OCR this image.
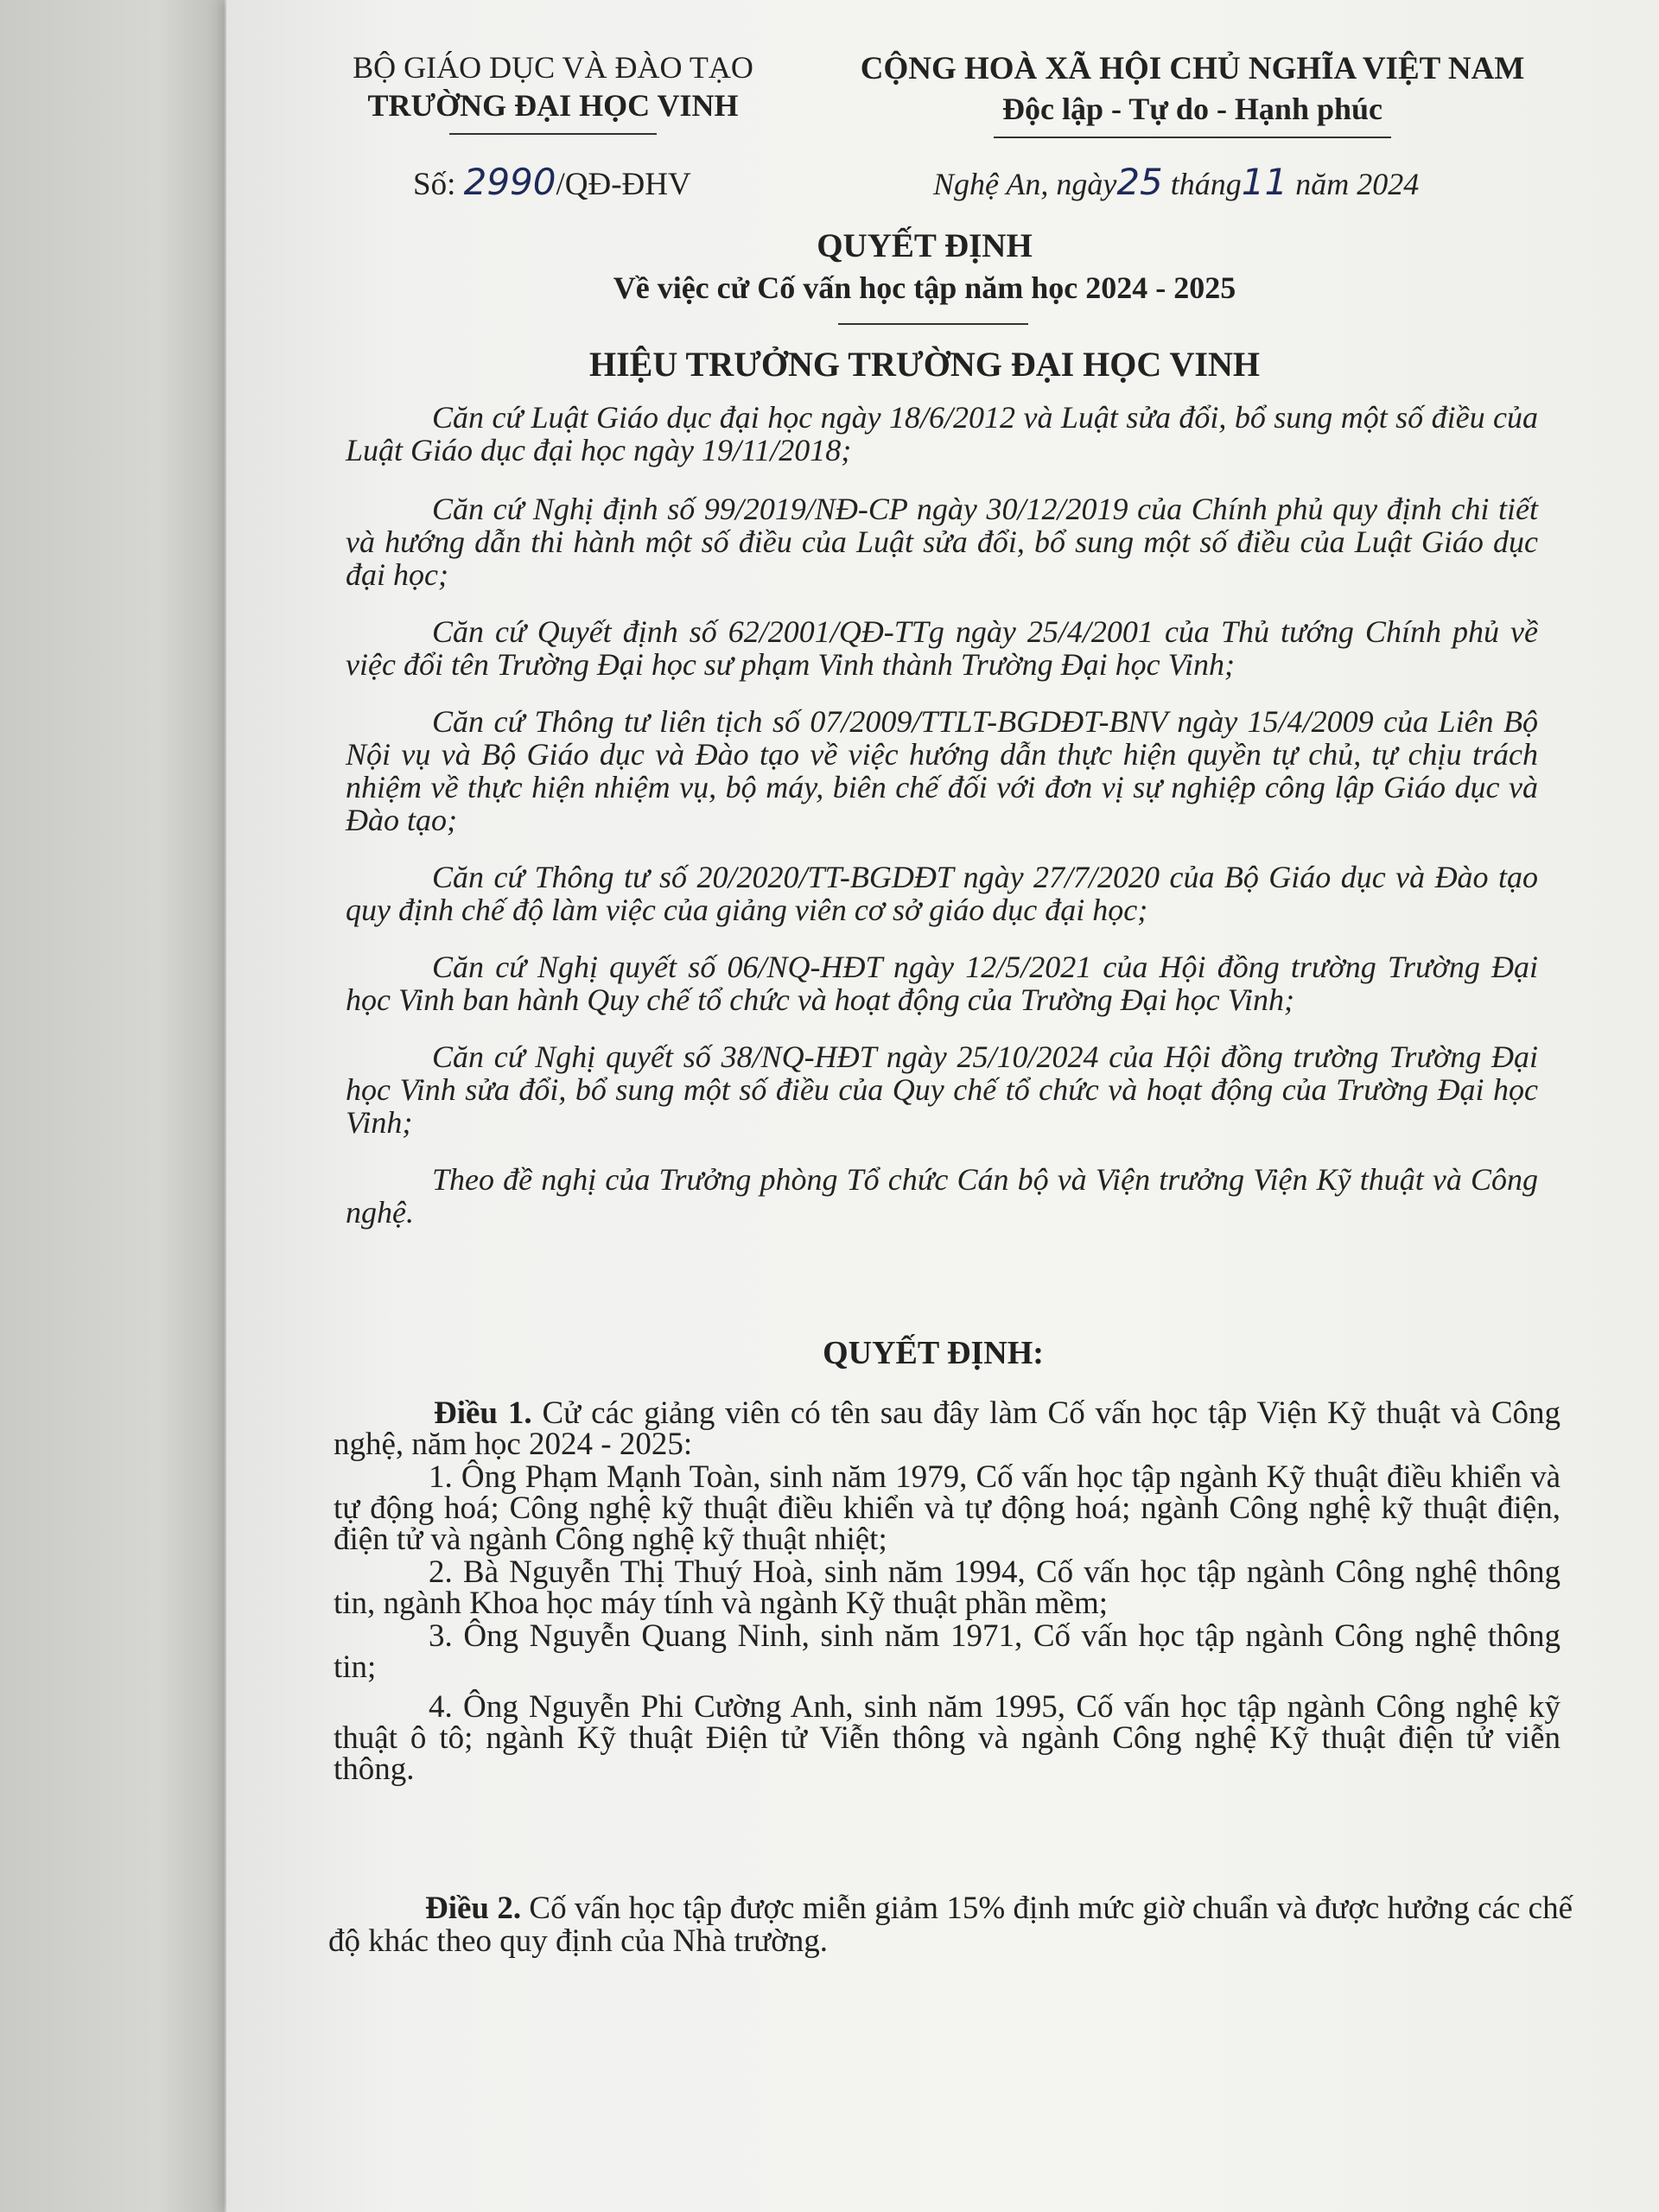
BỘ GIÁO DỤC VÀ ĐÀO TẠO
TRƯỜNG ĐẠI HỌC VINH
CỘNG HOÀ XÃ HỘI CHỦ NGHĨA VIỆT NAM
Độc lập - Tự do - Hạnh phúc
Số: 2990/QĐ-ĐHV	Nghệ An, ngày25 tháng11 năm 2024
QUYẾT ĐỊNH
Về việc cử Cố vấn học tập năm học 2024 - 2025
HIỆU TRƯỞNG TRƯỜNG ĐẠI HỌC VINH

Căn cứ Luật Giáo dục đại học ngày 18/6/2012 và Luật sửa đổi, bổ sung một số điều của Luật Giáo dục đại học ngày 19/11/2018;

Căn cứ Nghị định số 99/2019/NĐ-CP ngày 30/12/2019 của Chính phủ quy định chi tiết và hướng dẫn thi hành một số điều của Luật sửa đổi, bổ sung một số điều của Luật Giáo dục đại học;

Căn cứ Quyết định số 62/2001/QĐ-TTg ngày 25/4/2001 của Thủ tướng Chính phủ về việc đổi tên Trường Đại học sư phạm Vinh thành Trường Đại học Vinh;

Căn cứ Thông tư liên tịch số 07/2009/TTLT-BGDĐT-BNV ngày 15/4/2009 của Liên Bộ Nội vụ và Bộ Giáo dục và Đào tạo về việc hướng dẫn thực hiện quyền tự chủ, tự chịu trách nhiệm về thực hiện nhiệm vụ, bộ máy, biên chế đối với đơn vị sự nghiệp công lập Giáo dục và Đào tạo;

Căn cứ Thông tư số 20/2020/TT-BGDĐT ngày 27/7/2020 của Bộ Giáo dục và Đào tạo quy định chế độ làm việc của giảng viên cơ sở giáo dục đại học;

Căn cứ Nghị quyết số 06/NQ-HĐT ngày 12/5/2021 của Hội đồng trường Trường Đại học Vinh ban hành Quy chế tổ chức và hoạt động của Trường Đại học Vinh;

Căn cứ Nghị quyết số 38/NQ-HĐT ngày 25/10/2024 của Hội đồng trường Trường Đại học Vinh sửa đổi, bổ sung một số điều của Quy chế tổ chức và hoạt động của Trường Đại học Vinh;

Theo đề nghị của Trưởng phòng Tổ chức Cán bộ và Viện trưởng Viện Kỹ thuật và Công nghệ.

QUYẾT ĐỊNH:

Điều 1. Cử các giảng viên có tên sau đây làm Cố vấn học tập Viện Kỹ thuật và Công nghệ, năm học 2024 - 2025:

1. Ông Phạm Mạnh Toàn, sinh năm 1979, Cố vấn học tập ngành Kỹ thuật điều khiển và tự động hoá; Công nghệ kỹ thuật điều khiển và tự động hoá; ngành Công nghệ kỹ thuật điện, điện tử và ngành Công nghệ kỹ thuật nhiệt;

2. Bà Nguyễn Thị Thuý Hoà, sinh năm 1994, Cố vấn học tập ngành Công nghệ thông tin, ngành Khoa học máy tính và ngành Kỹ thuật phần mềm;

3. Ông Nguyễn Quang Ninh, sinh năm 1971, Cố vấn học tập ngành Công nghệ thông tin;

4. Ông Nguyễn Phi Cường Anh, sinh năm 1995, Cố vấn học tập ngành Công nghệ kỹ thuật ô tô; ngành Kỹ thuật Điện tử Viễn thông và ngành Công nghệ Kỹ thuật điện tử viễn thông.

Điều 2. Cố vấn học tập được miễn giảm 15% định mức giờ chuẩn và được hưởng các chế độ khác theo quy định của Nhà trường.
